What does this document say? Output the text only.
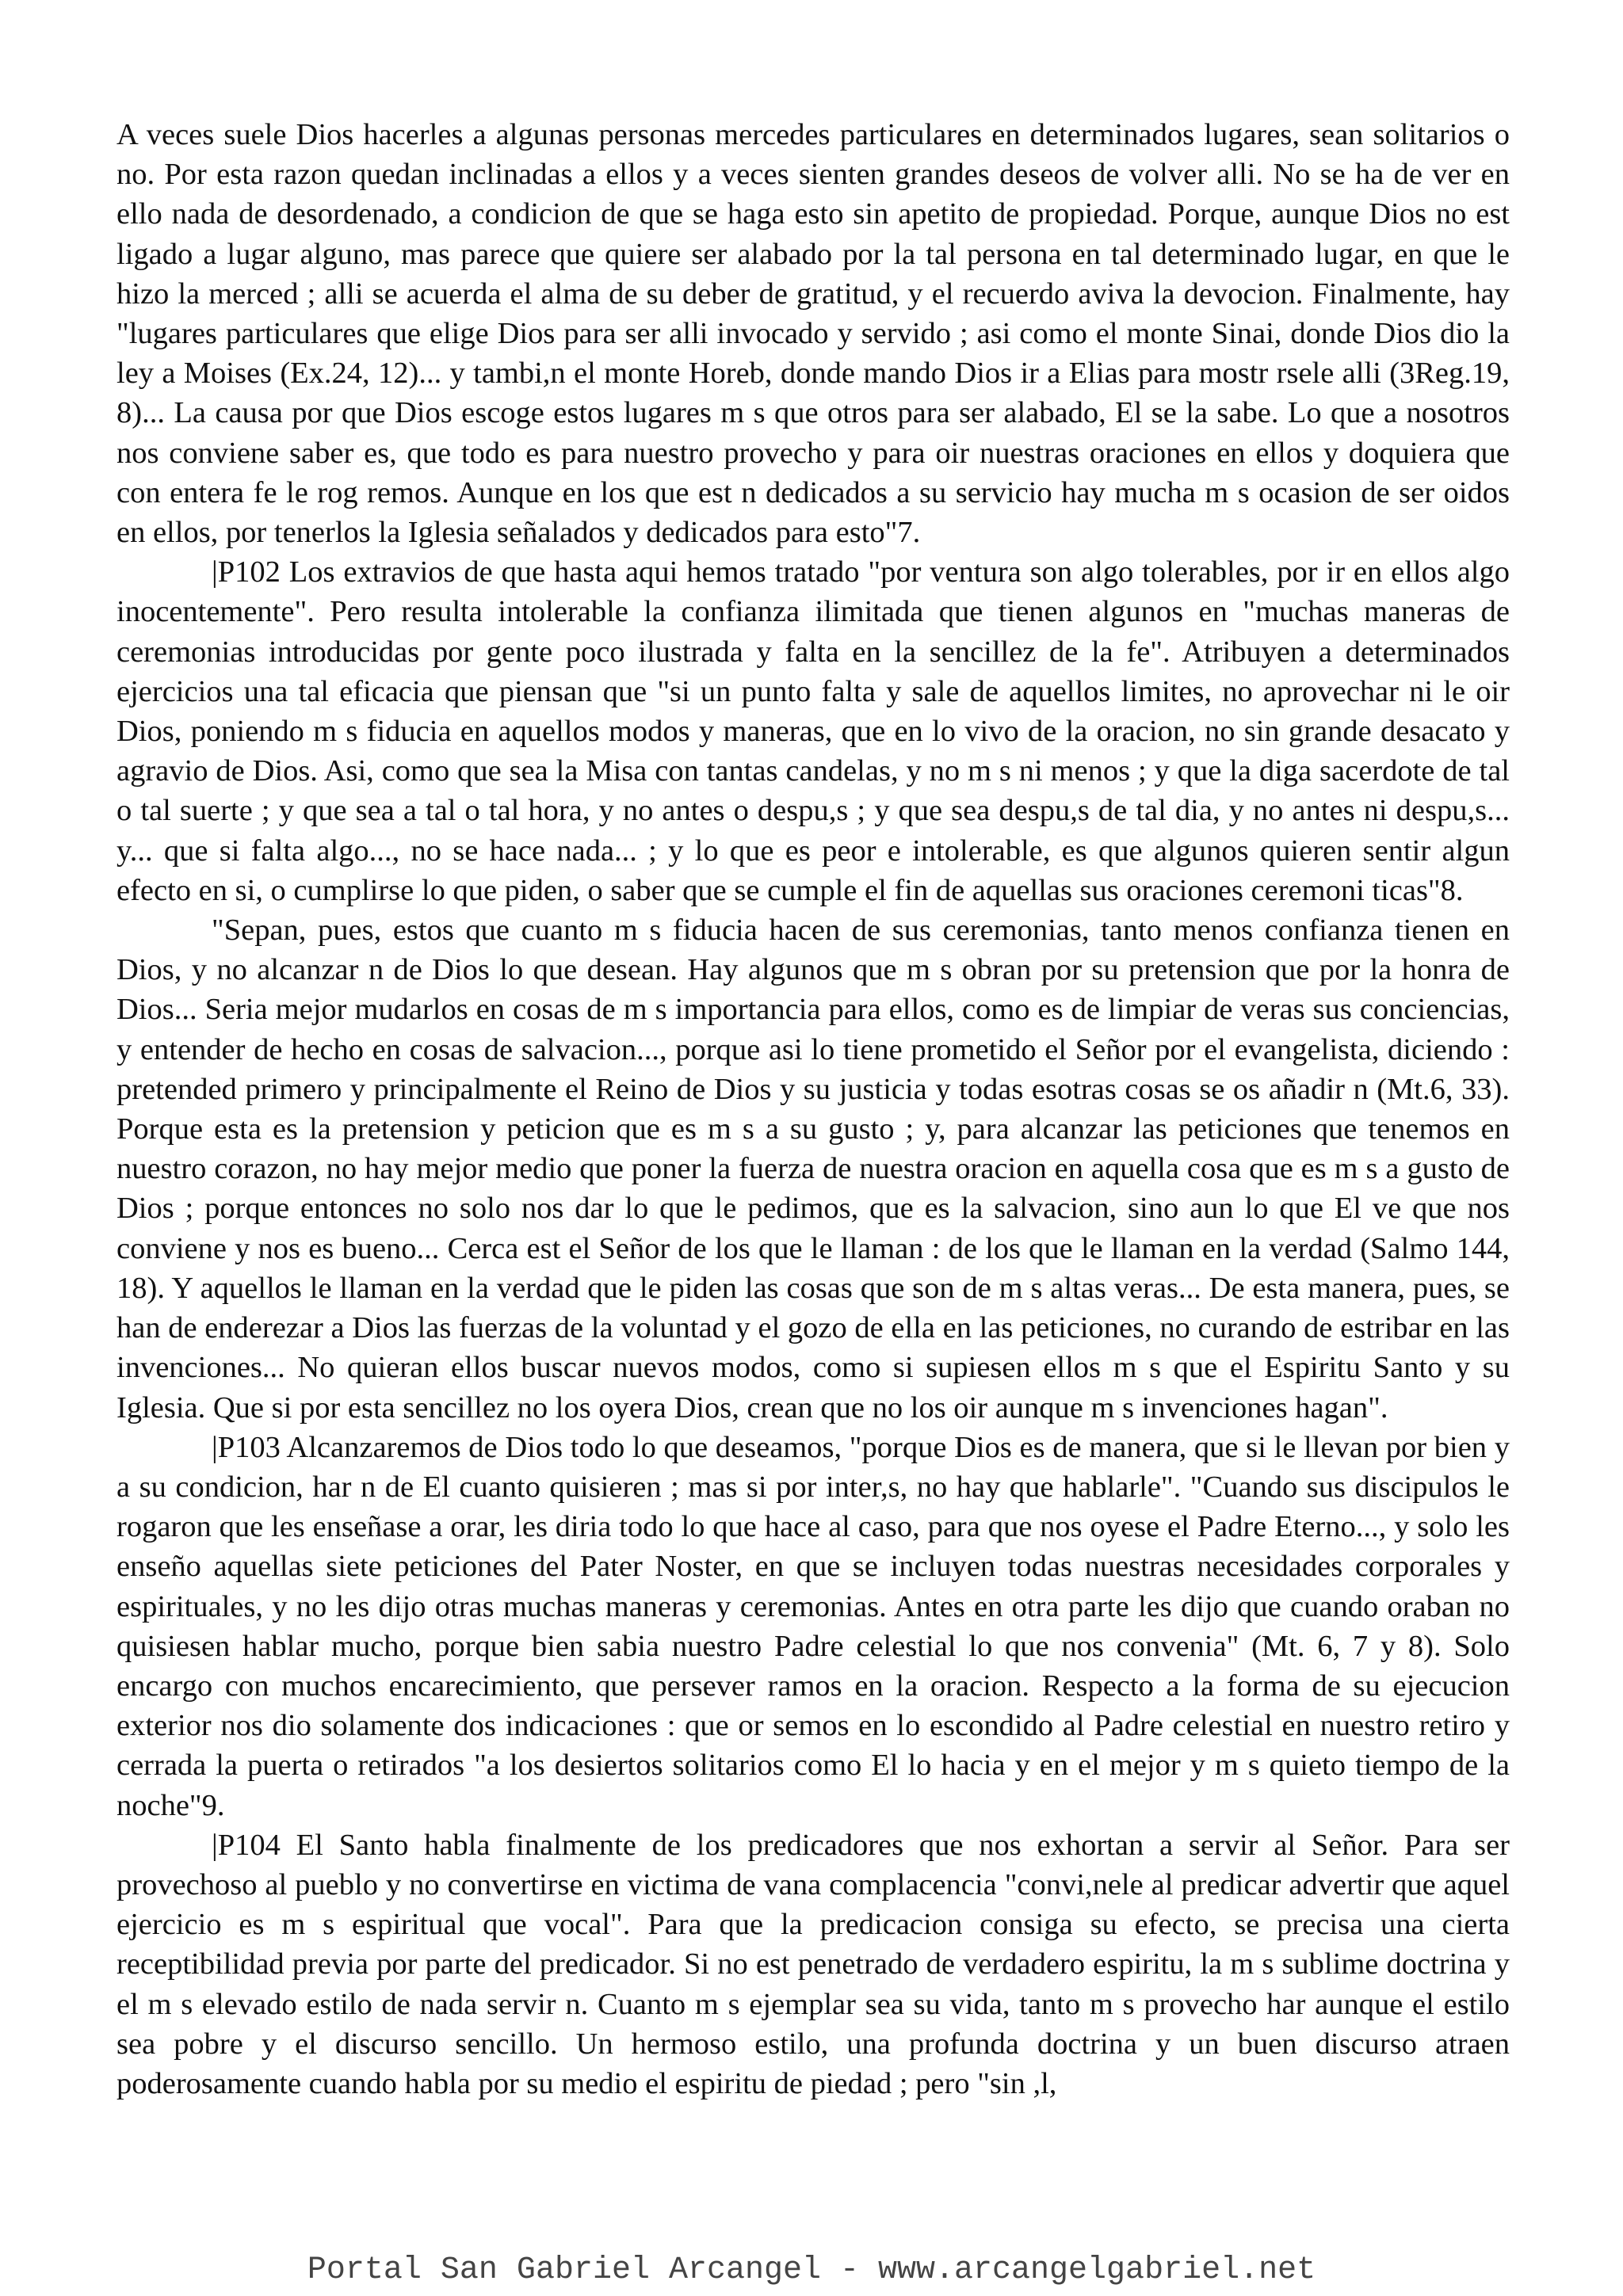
A veces suele Dios hacerles a algunas personas mercedes particulares en determinados lugares, sean solitarios o no. Por esta razon quedan inclinadas a ellos y a veces sienten grandes deseos de volver alli. No se ha de ver en ello nada de desordenado, a condicion de que se haga esto sin apetito de propiedad. Porque, aunque Dios no est ligado a lugar alguno, mas parece que quiere ser alabado por la tal persona en tal determinado lugar, en que le hizo la merced ; alli se acuerda el alma de su deber de gratitud, y el recuerdo aviva la devocion. Finalmente, hay "lugares particulares que elige Dios para ser alli invocado y servido ; asi como el monte Sinai, donde Dios dio la ley a Moises (Ex.24, 12)... y tambi,n el monte Horeb, donde mando Dios ir a Elias para mostr rsele alli (3Reg.19, 8)... La causa por que Dios escoge estos lugares m s que otros para ser alabado, El se la sabe. Lo que a nosotros nos conviene saber es, que todo es para nuestro provecho y para oir nuestras oraciones en ellos y doquiera que con entera fe le rog remos. Aunque en los que est n dedicados a su servicio hay mucha m s ocasion de ser oidos en ellos, por tenerlos la Iglesia señalados y dedicados para esto"7.

|P102 Los extravios de que hasta aqui hemos tratado "por ventura son algo tolerables, por ir en ellos algo inocentemente". Pero resulta intolerable la confianza ilimitada que tienen algunos en "muchas maneras de ceremonias introducidas por gente poco ilustrada y falta en la sencillez de la fe". Atribuyen a determinados ejercicios una tal eficacia que piensan que "si un punto falta y sale de aquellos limites, no aprovechar ni le oir Dios, poniendo m s fiducia en aquellos modos y maneras, que en lo vivo de la oracion, no sin grande desacato y agravio de Dios. Asi, como que sea la Misa con tantas candelas, y no m s ni menos ; y que la diga sacerdote de tal o tal suerte ; y que sea a tal o tal hora, y no antes o despu,s ; y que sea despu,s de tal dia, y no antes ni despu,s... y... que si falta algo..., no se hace nada... ; y lo que es peor e intolerable, es que algunos quieren sentir algun efecto en si, o cumplirse lo que piden, o saber que se cumple el fin de aquellas sus oraciones ceremoni ticas"8.

"Sepan, pues, estos que cuanto m s fiducia hacen de sus ceremonias, tanto menos confianza tienen en Dios, y no alcanzar n de Dios lo que desean. Hay algunos que m s obran por su pretension que por la honra de Dios... Seria mejor mudarlos en cosas de m s importancia para ellos, como es de limpiar de veras sus conciencias, y entender de hecho en cosas de salvacion..., porque asi lo tiene prometido el Señor por el evangelista, diciendo : pretended primero y principalmente el Reino de Dios y su justicia y todas esotras cosas se os añadir n (Mt.6, 33). Porque esta es la pretension y peticion que es m s a su gusto ; y, para alcanzar las peticiones que tenemos en nuestro corazon, no hay mejor medio que poner la fuerza de nuestra oracion en aquella cosa que es m s a gusto de Dios ; porque entonces no solo nos dar lo que le pedimos, que es la salvacion, sino aun lo que El ve que nos conviene y nos es bueno... Cerca est el Señor de los que le llaman : de los que le llaman en la verdad (Salmo 144, 18). Y aquellos le llaman en la verdad que le piden las cosas que son de m s altas veras... De esta manera, pues, se han de enderezar a Dios las fuerzas de la voluntad y el gozo de ella en las peticiones, no curando de estribar en las invenciones... No quieran ellos buscar nuevos modos, como si supiesen ellos m s que el Espiritu Santo y su Iglesia. Que si por esta sencillez no los oyera Dios, crean que no los oir aunque m s invenciones hagan".

|P103 Alcanzaremos de Dios todo lo que deseamos, "porque Dios es de manera, que si le llevan por bien y a su condicion, har n de El cuanto quisieren ; mas si por inter,s, no hay que hablarle". "Cuando sus discipulos le rogaron que les enseñase a orar, les diria todo lo que hace al caso, para que nos oyese el Padre Eterno..., y solo les enseño aquellas siete peticiones del Pater Noster, en que se incluyen todas nuestras necesidades corporales y espirituales, y no les dijo otras muchas maneras y ceremonias. Antes en otra parte les dijo que cuando oraban no quisiesen hablar mucho, porque bien sabia nuestro Padre celestial lo que nos convenia" (Mt. 6, 7 y 8). Solo encargo con muchos encarecimiento, que persever ramos en la oracion. Respecto a la forma de su ejecucion exterior nos dio solamente dos indicaciones : que or semos en lo escondido al Padre celestial en nuestro retiro y cerrada la puerta o retirados "a los desiertos solitarios como El lo hacia y en el mejor y m s quieto tiempo de la noche"9.

|P104 El Santo habla finalmente de los predicadores que nos exhortan a servir al Señor. Para ser provechoso al pueblo y no convertirse en victima de vana complacencia "convi,nele al predicar advertir que aquel ejercicio es m s espiritual que vocal". Para que la predicacion consiga su efecto, se precisa una cierta receptibilidad previa por parte del predicador. Si no est penetrado de verdadero espiritu, la m s sublime doctrina y el m s elevado estilo de nada servir n. Cuanto m s ejemplar sea su vida, tanto m s provecho har aunque el estilo sea pobre y el discurso sencillo. Un hermoso estilo, una profunda doctrina y un buen discurso atraen poderosamente cuando habla por su medio el espiritu de piedad ; pero "sin ,l,

Portal San Gabriel Arcangel - www.arcangelgabriel.net
